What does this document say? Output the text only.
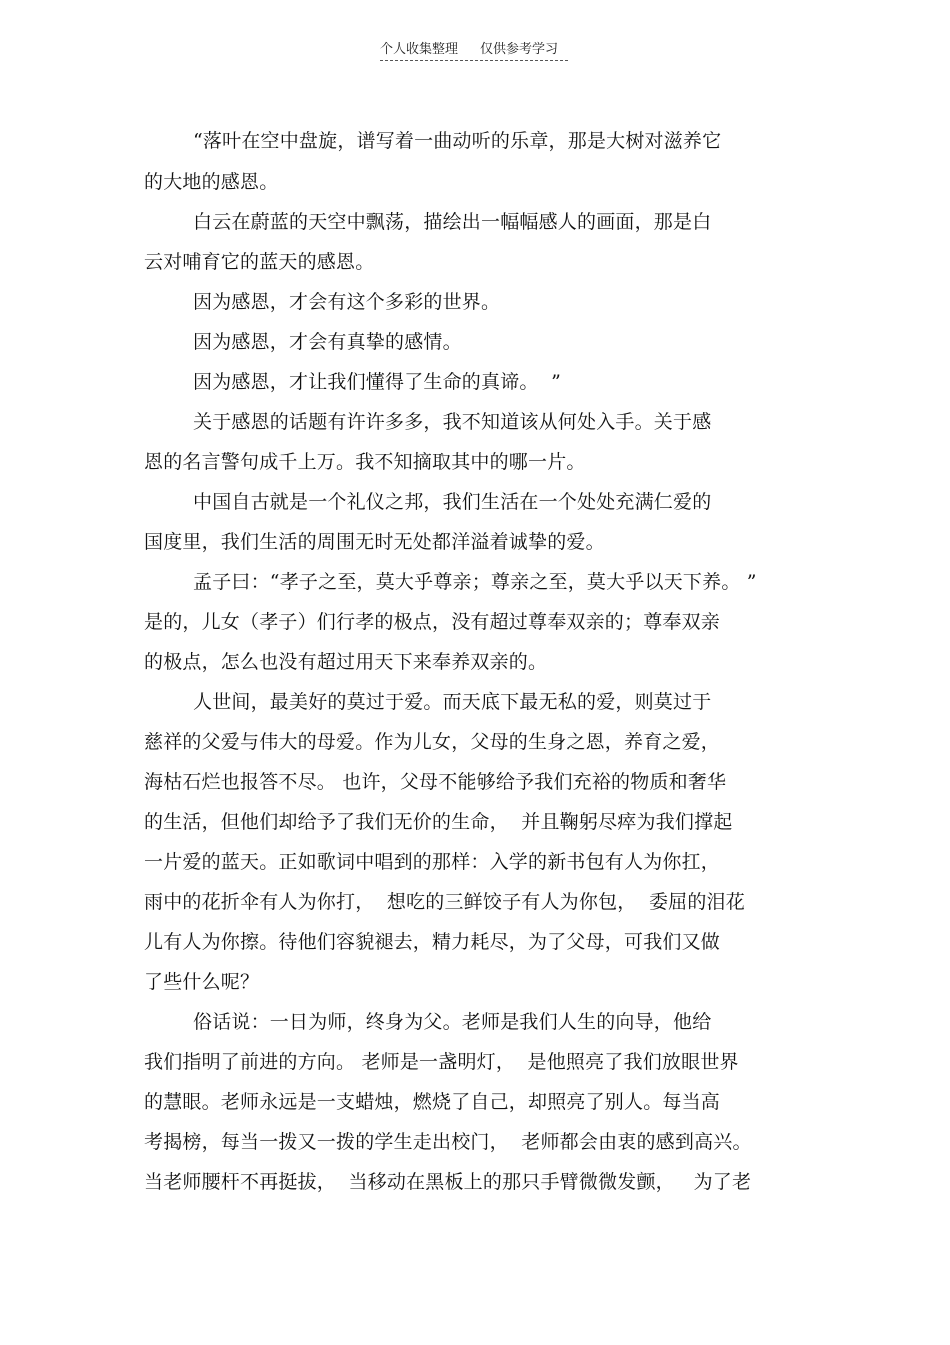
个人收集整理 仅供参考学习
“落叶在空中盘旋，谱写着一曲动听的乐章，那是大树对滋养它
的大地的感恩。
白云在蔚蓝的天空中飘荡，描绘出一幅幅感人的画面，那是白
云对哺育它的蓝天的感恩。
因为感恩，才会有这个多彩的世界。
因为感恩，才会有真挚的感情。
因为感恩，才让我们懂得了生命的真谛。  ”
关于感恩的话题有许许多多，我不知道该从何处入手。关于感
恩的名言警句成千上万。我不知摘取其中的哪一片。
中国自古就是一个礼仪之邦，我们生活在一个处处充满仁爱的
国度里，我们生活的周围无时无处都洋溢着诚挚的爱。
孟子曰：“孝子之至，莫大乎尊亲；尊亲之至，莫大乎以天下养。 ”
是的，儿女（孝子）们行孝的极点，没有超过尊奉双亲的；尊奉双亲
的极点，怎么也没有超过用天下来奉养双亲的。
人世间，最美好的莫过于爱。而天底下最无私的爱，则莫过于
慈祥的父爱与伟大的母爱。作为儿女，父母的生身之恩，养育之爱，
海枯石烂也报答不尽。 也许，父母不能够给予我们充裕的物质和奢华
的生活，但他们却给予了我们无价的生命，  并且鞠躬尽瘁为我们撑起
一片爱的蓝天。正如歌词中唱到的那样：入学的新书包有人为你扛，
雨中的花折伞有人为你打，  想吃的三鲜饺子有人为你包，  委屈的泪花
儿有人为你擦。待他们容貌褪去，精力耗尽，为了父母，可我们又做
了些什么呢？
俗话说：一日为师，终身为父。老师是我们人生的向导，他给
我们指明了前进的方向。 老师是一盏明灯，  是他照亮了我们放眼世界
的慧眼。老师永远是一支蜡烛，燃烧了自己，却照亮了别人。每当高
考揭榜，每当一拨又一拨的学生走出校门，  老师都会由衷的感到高兴。
当老师腰杆不再挺拔，  当移动在黑板上的那只手臂微微发颤，   为了老
